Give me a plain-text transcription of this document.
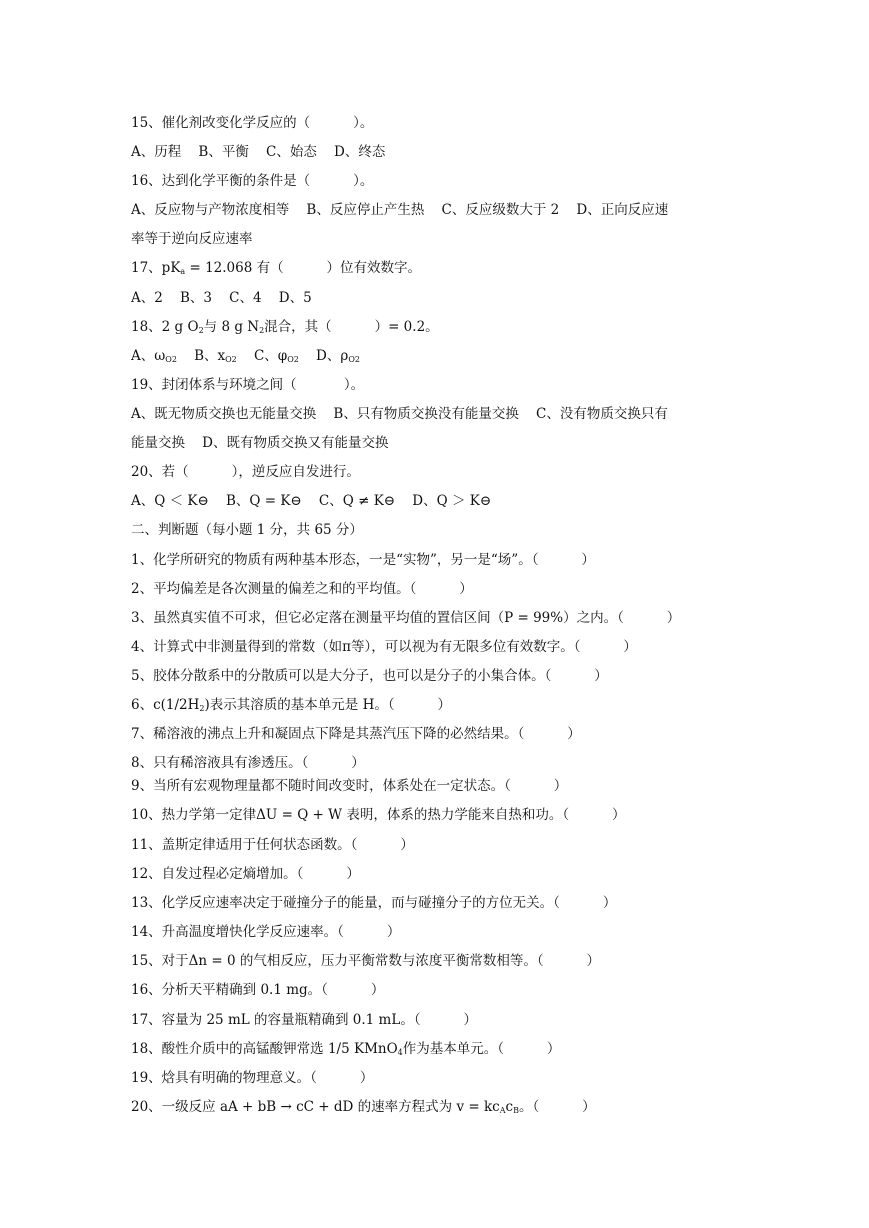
15、催化剂改变化学反应的（          ）。
A、历程    B、平衡    C、始态    D、终态
16、达到化学平衡的条件是（          ）。
A、反应物与产物浓度相等    B、反应停止产生热    C、反应级数大于 2    D、正向反应速
率等于逆向反应速率
17、$pK_a = 12.068$ 有（          ）位有效数字。
A、2    B、3    C、4    D、5
18、2 g $O_2$与 8 g $N_2$混合，其（          ）= 0.2。
A、$\omega_{O2}$    B、$x_{O2}$    C、$\varphi_{O2}$    D、$\rho_{O2}$
19、封闭体系与环境之间（           ）。
A、既无物质交换也无能量交换    B、只有物质交换没有能量交换    C、没有物质交换只有
能量交换    D、既有物质交换又有能量交换
20、若（          ），逆反应自发进行。
A、Q ＜ K⊖    B、Q = K⊖    C、Q ≠ K⊖    D、Q ＞ K⊖
二、判断题（每小题 1 分，共 65 分）
1、化学所研究的物质有两种基本形态，一是“实物”，另一是“场”。（          ）
2、平均偏差是各次测量的偏差之和的平均值。（          ）
3、虽然真实值不可求，但它必定落在测量平均值的置信区间（P = 99%）之内。（          ）
4、计算式中非测量得到的常数（如π等），可以视为有无限多位有效数字。（          ）
5、胶体分散系中的分散质可以是大分子，也可以是分子的小集合体。（          ）
6、$c(1/2H_2)$表示其溶质的基本单元是 H。（          ）
7、稀溶液的沸点上升和凝固点下降是其蒸汽压下降的必然结果。（          ）
8、只有稀溶液具有渗透压。（          ）
9、当所有宏观物理量都不随时间改变时，体系处在一定状态。（          ）
10、热力学第一定律ΔU = Q + W 表明，体系的热力学能来自热和功。（          ）
11、盖斯定律适用于任何状态函数。（          ）
12、自发过程必定熵增加。（          ）
13、化学反应速率决定于碰撞分子的能量，而与碰撞分子的方位无关。（          ）
14、升高温度增快化学反应速率。（          ）
15、对于Δn = 0 的气相反应，压力平衡常数与浓度平衡常数相等。（          ）
16、分析天平精确到 0.1 mg。（          ）
17、容量为 25 mL 的容量瓶精确到 0.1 mL。（          ）
18、酸性介质中的高锰酸钾常选 1/5 KMnO$_4$作为基本单元。（          ）
19、焓具有明确的物理意义。（          ）
20、一级反应 aA + bB → cC + dD 的速率方程式为 $v = kc_Ac_B$。（          ）
